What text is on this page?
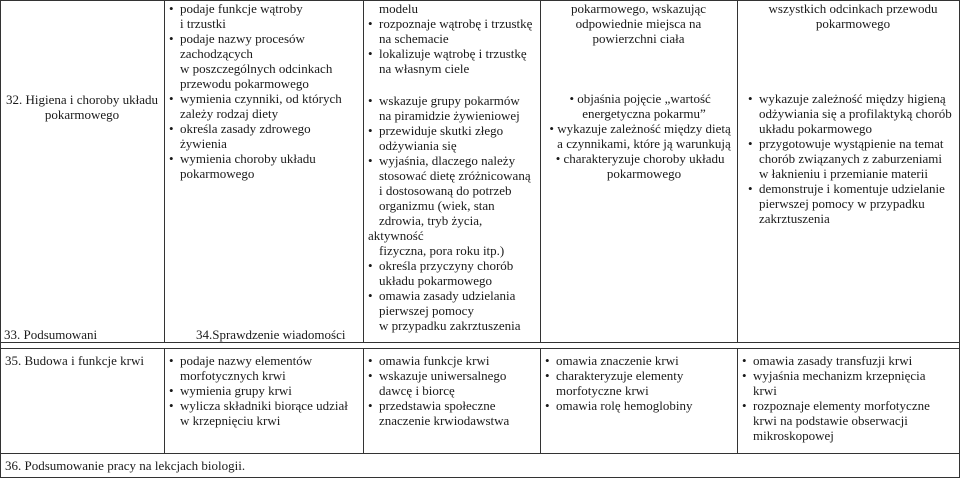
32. Higiena i choroby układu pokarmowego
•podaje funkcje wątroby
i trzustki
•podaje nazwy procesów
zachodzących
w poszczególnych odcinkach
przewodu pokarmowego
•wymienia czynniki, od których
zależy rodzaj diety
•określa zasady zdrowego
żywienia
•wymienia choroby układu
pokarmowego
modelu
•rozpoznaje wątrobę i trzustkę
na schemacie
•lokalizuje wątrobę i trzustkę
na własnym ciele
•wskazuje grupy pokarmów
na piramidzie żywieniowej
•przewiduje skutki złego
odżywiania się
•wyjaśnia, dlaczego należy
stosować dietę zróżnicowaną
i dostosowaną do potrzeb
organizmu (wiek, stan
zdrowia, tryb życia, aktywność
fizyczna, pora roku itp.)
•określa przyczyny chorób
układu pokarmowego
•omawia zasady udzielania
pierwszej pomocy
w przypadku zakrztuszenia
pokarmowego, wskazując
odpowiednie miejsca na
powierzchni ciała
•objaśnia pojęcie „wartość
energetyczna pokarmu”
•wykazuje zależność między dietą
a czynnikami, które ją warunkują
•charakteryzuje choroby układu
pokarmowego
wszystkich odcinkach przewodu
pokarmowego
•wykazuje zależność między higieną
odżywiania się a profilaktyką chorób
układu pokarmowego
•przygotowuje wystąpienie na temat
chorób związanych z zaburzeniami
w łaknieniu i przemianie materii
•demonstruje i komentuje udzielanie
pierwszej pomocy w przypadku
zakrztuszenia
33. Podsumowani	34.Sprawdzenie wiadomości
35. Budowa i funkcje krwi	•podaje nazwy elementów
morfotycznych krwi
•wymienia grupy krwi
•wylicza składniki biorące udział
w krzepnięciu krwi
•omawia funkcje krwi
•wskazuje uniwersalnego
dawcę i biorcę
•przedstawia społeczne
znaczenie krwiodawstwa
•omawia znaczenie krwi
•charakteryzuje elementy
morfotyczne krwi
•omawia rolę hemoglobiny
•omawia zasady transfuzji krwi
•wyjaśnia mechanizm krzepnięcia
krwi
•rozpoznaje elementy morfotyczne
krwi na podstawie obserwacji
mikroskopowej
36. Podsumowanie pracy na lekcjach biologii.
